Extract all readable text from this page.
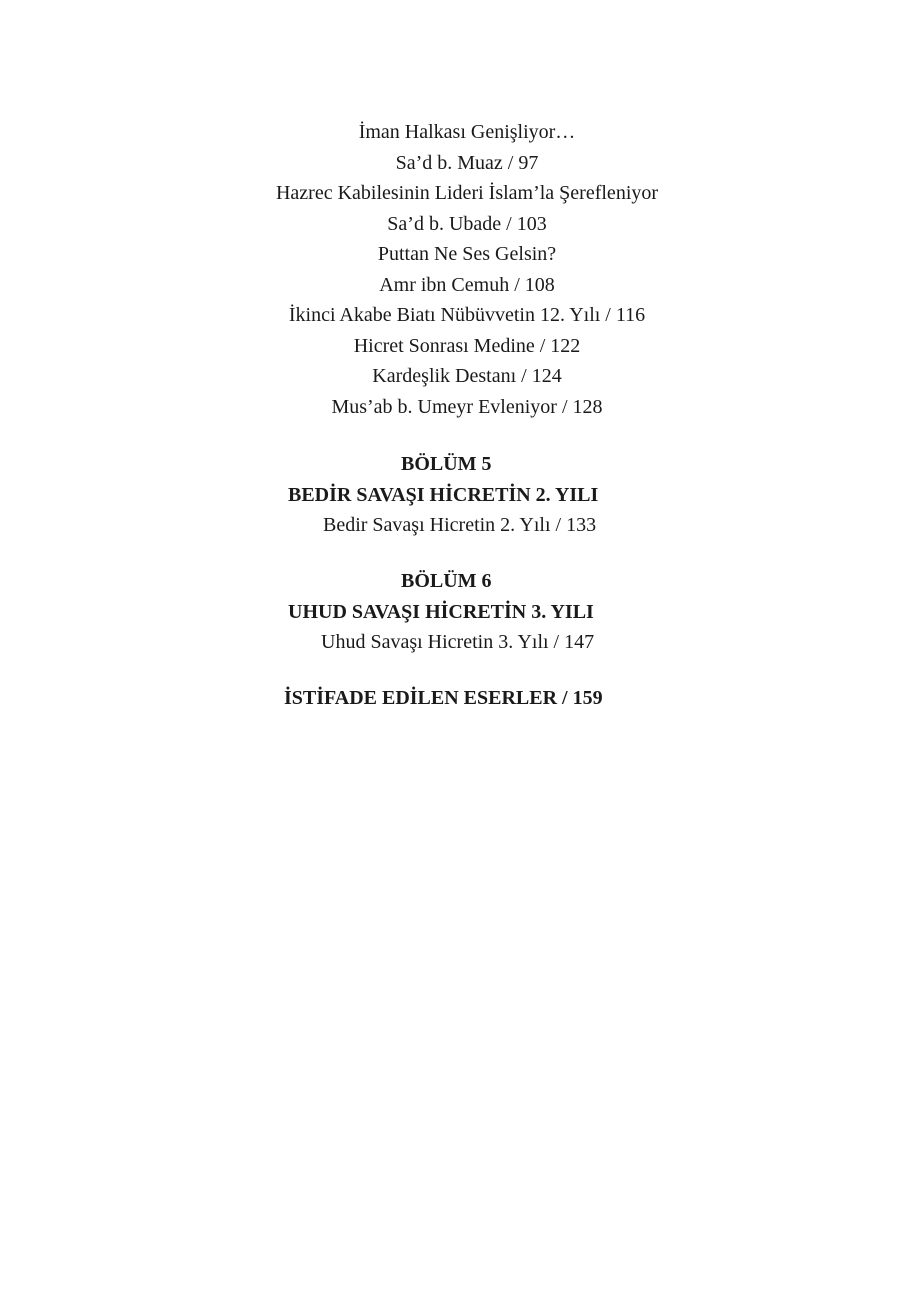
İman Halkası Genişliyor…
Sa’d b. Muaz / 97
Hazrec Kabilesinin Lideri İslam’la Şerefleniyor
Sa’d b. Ubade / 103
Puttan Ne Ses Gelsin?
Amr ibn Cemuh / 108
İkinci Akabe Biatı Nübüvvetin 12. Yılı / 116
Hicret Sonrası Medine / 122
Kardeşlik Destanı / 124
Mus’ab b. Umeyr Evleniyor / 128
BÖLÜM 5
BEDİR SAVAŞI HİCRETİN 2. YILI
Bedir Savaşı Hicretin 2. Yılı / 133
BÖLÜM 6
UHUD SAVAŞI HİCRETİN 3. YILI
Uhud Savaşı Hicretin 3. Yılı / 147
İSTİFADE EDİLEN ESERLER / 159
